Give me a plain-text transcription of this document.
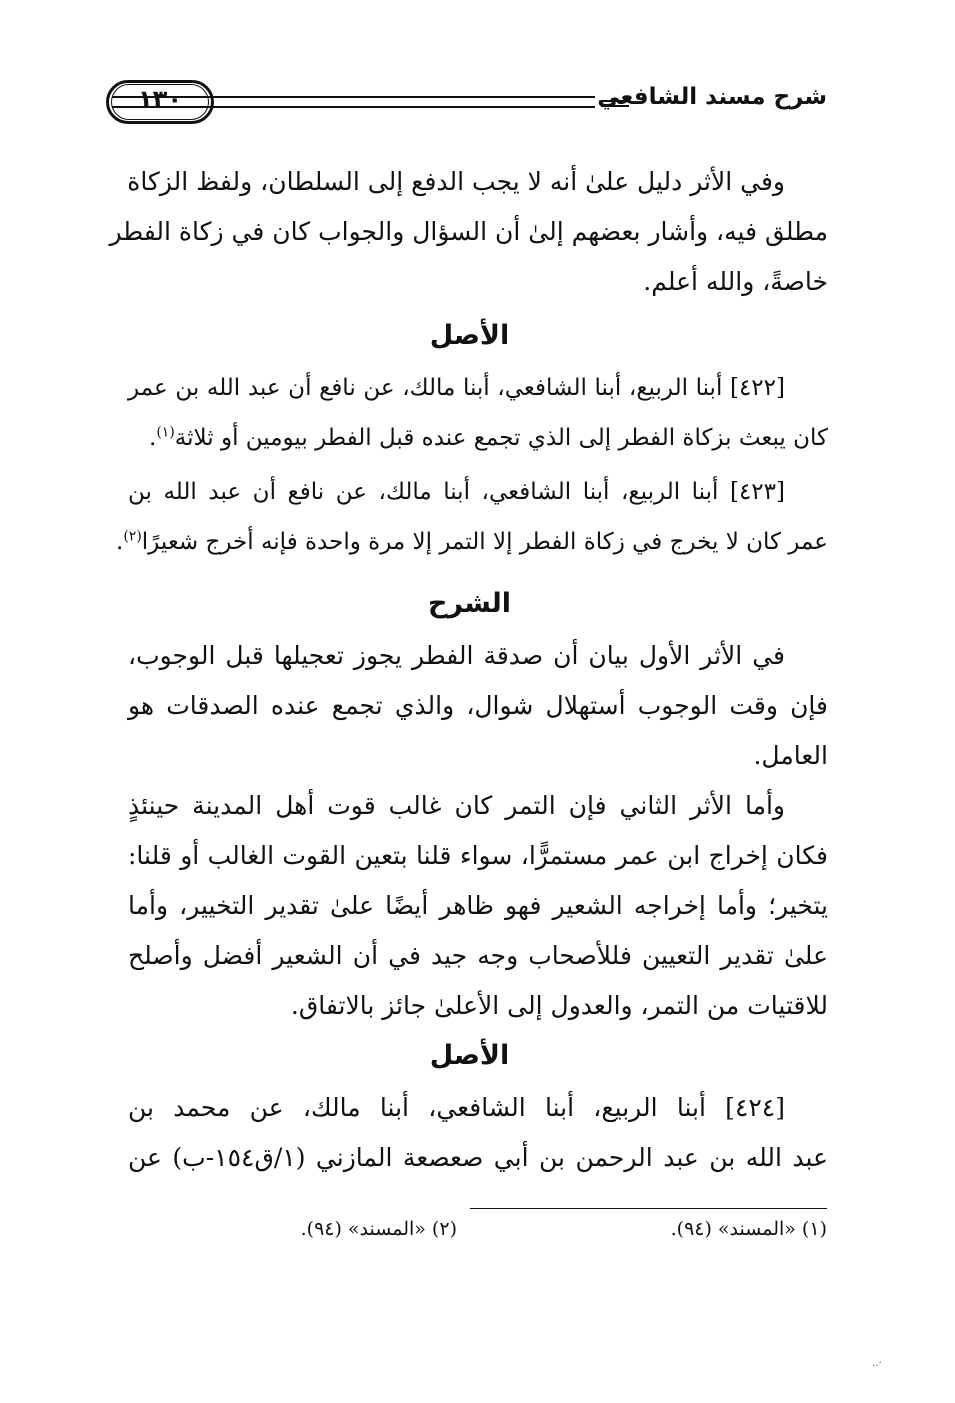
١٣٠	شرح مسند الشافعي
وفي الأثر دليل علىٰ أنه لا يجب الدفع إلى السلطان، ولفظ الزكاة
مطلق فيه، وأشار بعضهم إلىٰ أن السؤال والجواب كان في زكاة الفطر
خاصةً، والله أعلم.
الأصل
[٤٢٢] أبنا الربيع، أبنا الشافعي، أبنا مالك، عن نافع أن عبد الله بن عمر
كان يبعث بزكاة الفطر إلى الذي تجمع عنده قبل الفطر بيومين أو ثلاثة$^{(١)}$.
[٤٢٣] أبنا الربيع، أبنا الشافعي، أبنا مالك، عن نافع أن عبد الله بن
عمر كان لا يخرج في زكاة الفطر إلا التمر إلا مرة واحدة فإنه أخرج شعيرًا$^{(٢)}$.
الشرح
في الأثر الأول بيان أن صدقة الفطر يجوز تعجيلها قبل الوجوب،
فإن وقت الوجوب أستهلال شوال، والذي تجمع عنده الصدقات هو
العامل.
وأما الأثر الثاني فإن التمر كان غالب قوت أهل المدينة حينئذٍ
فكان إخراج ابن عمر مستمرًّا، سواء قلنا بتعين القوت الغالب أو قلنا:
يتخير؛ وأما إخراجه الشعير فهو ظاهر أيضًا علىٰ تقدير التخيير، وأما
علىٰ تقدير التعيين فللأصحاب وجه جيد في أن الشعير أفضل وأصلح
للاقتيات من التمر، والعدول إلى الأعلىٰ جائز بالاتفاق.
الأصل
[٤٢٤] أبنا الربيع، أبنا الشافعي، أبنا مالك، عن محمد بن
عبد الله بن عبد الرحمن بن أبي صعصعة المازني (١/ق١٥٤-ب) عن
(١) «المسند» (٩٤).
(٢) «المسند» (٩٤).
·‥
